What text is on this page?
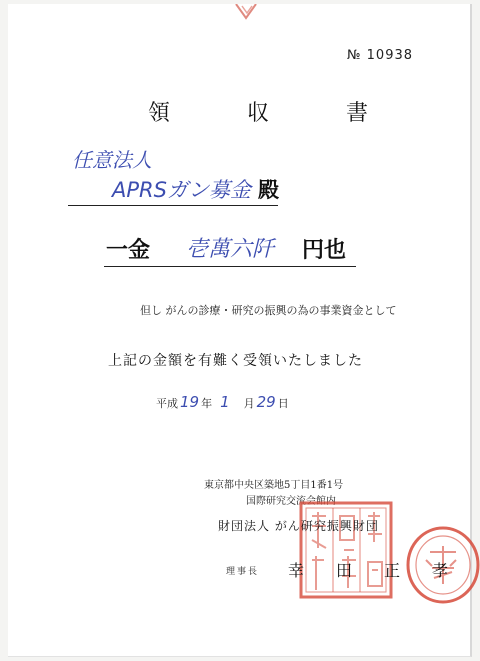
№ 10938
領	収	書
任意法人
APRSガン募金 殿
一金 壱萬六阡 円也
但し がんの診療・研究の振興の為の事業資金として
上記の金額を有難く受領いたしました
平成 19 年 1	月 29 日
東京都中央区築地5丁目1番1号
国際研究交流会館内
財団法人 がん研究振興財団
理事長 幸 田 正 孝
